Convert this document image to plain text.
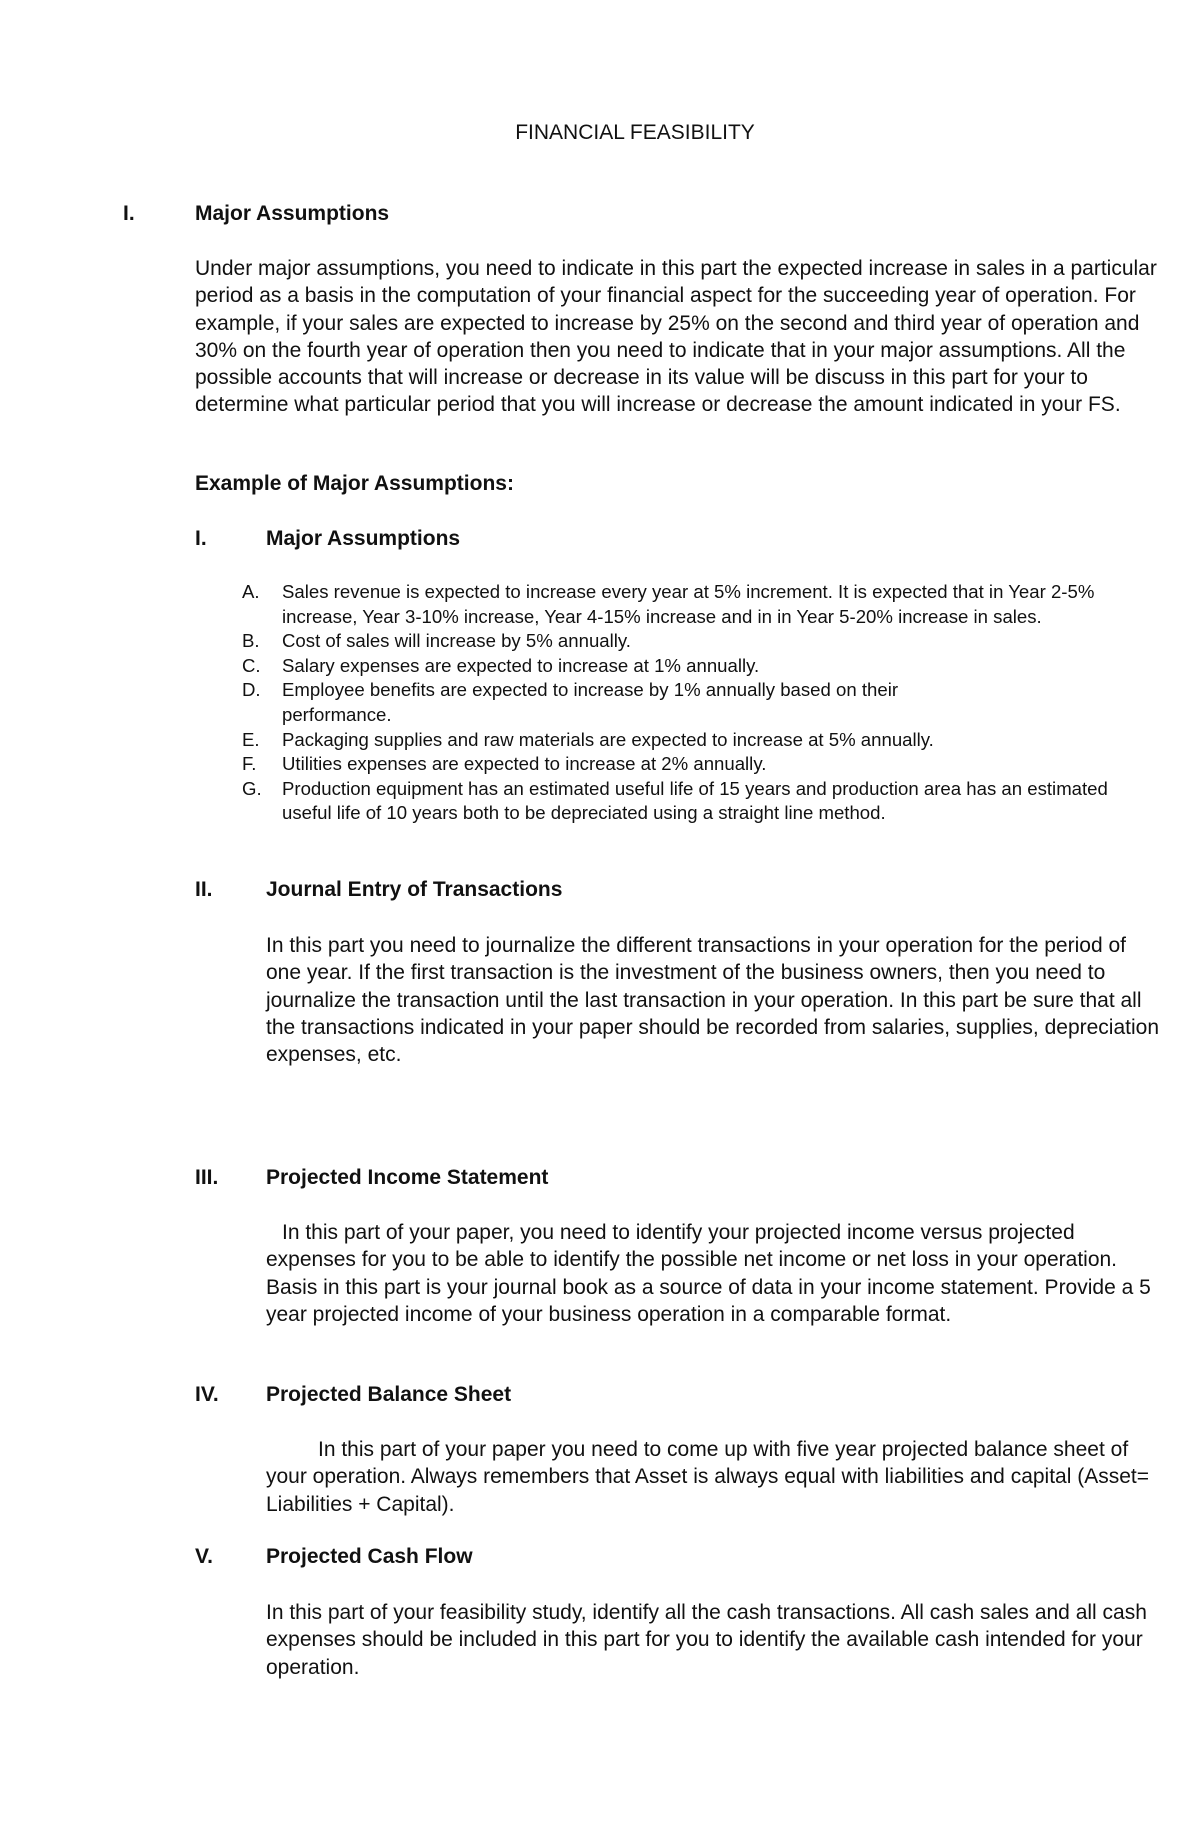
FINANCIAL FEASIBILITY

I.	Major Assumptions

Under major assumptions, you need to indicate in this part the expected increase in sales in a particular period as a basis in the computation of your financial aspect for the succeeding year of operation. For example, if your sales are expected to increase by 25% on the second and third year of operation and 30% on the fourth year of operation then you need to indicate that in your major assumptions. All the possible accounts that will increase or decrease in its value will be discuss in this part for your to determine what particular period that you will increase or decrease the amount indicated in your FS.

Example of Major Assumptions:
I.	Major Assumptions
A. Sales revenue is expected to increase every year at 5% increment. It is expected that in Year 2-5% increase, Year 3-10% increase, Year 4-15% increase and in in Year 5-20% increase in sales.
B. Cost of sales will increase by 5% annually.
C. Salary expenses are expected to increase at 1% annually.
D. Employee benefits are expected to increase by 1% annually based on their performance.
E. Packaging supplies and raw materials are expected to increase at 5% annually.
F. Utilities expenses are expected to increase at 2% annually.
G. Production equipment has an estimated useful life of 15 years and production area has an estimated useful life of 10 years both to be depreciated using a straight line method.
II.	Journal Entry of Transactions

In this part you need to journalize the different transactions in your operation for the period of one year. If the first transaction is the investment of the business owners, then you need to journalize the transaction until the last transaction in your operation. In this part be sure that all the transactions indicated in your paper should be recorded from salaries, supplies, depreciation expenses, etc.

III. Projected Income Statement

In this part of your paper, you need to identify your projected income versus projected expenses for you to be able to identify the possible net income or net loss in your operation. Basis in this part is your journal book as a source of data in your income statement. Provide a 5 year projected income of your business operation in a comparable format.

IV. Projected Balance Sheet

In this part of your paper you need to come up with five year projected balance sheet of your operation. Always remembers that Asset is always equal with liabilities and capital (Asset= Liabilities + Capital).

V.	Projected Cash Flow

In this part of your feasibility study, identify all the cash transactions. All cash sales and all cash expenses should be included in this part for you to identify the available cash intended for your operation.
